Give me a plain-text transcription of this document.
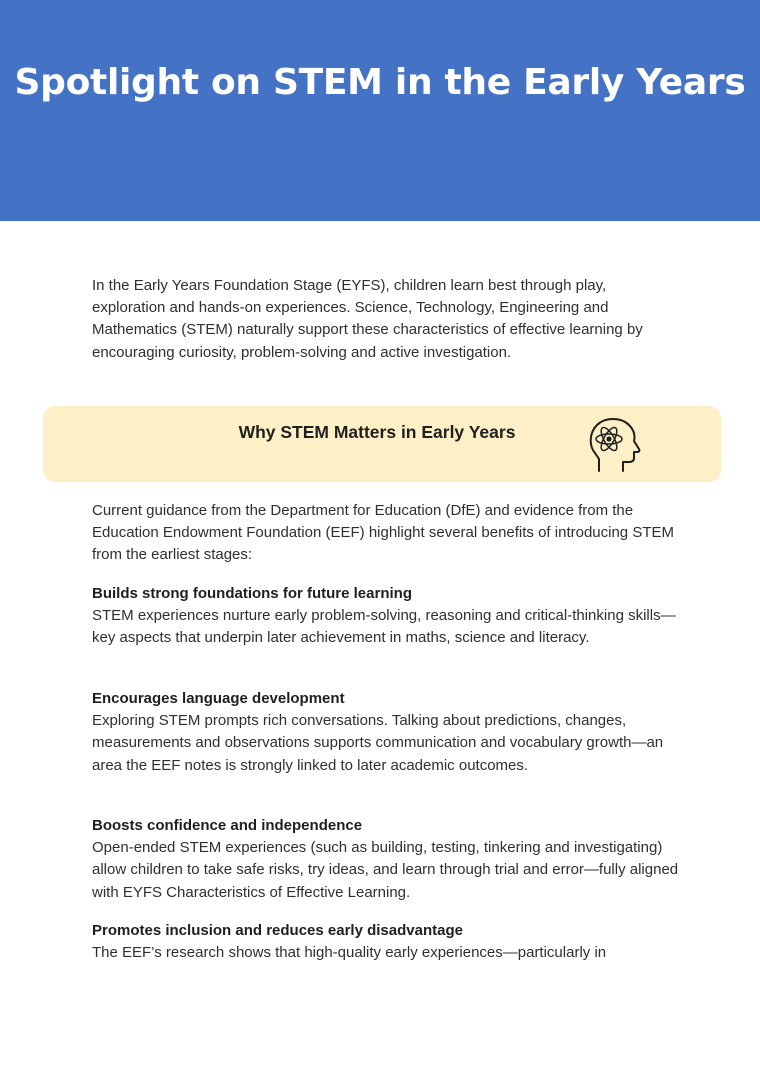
Spotlight on STEM in the Early Years

In the Early Years Foundation Stage (EYFS), children learn best through play, exploration and hands-on experiences. Science, Technology, Engineering and Mathematics (STEM) naturally support these characteristics of effective learning by encouraging curiosity, problem-solving and active investigation.

Why STEM Matters in Early Years

Current guidance from the Department for Education (DfE) and evidence from the Education Endowment Foundation (EEF) highlight several benefits of introducing STEM from the earliest stages:

Builds strong foundations for future learning
STEM experiences nurture early problem-solving, reasoning and critical-thinking skills—key aspects that underpin later achievement in maths, science and literacy.
Encourages language development
Exploring STEM prompts rich conversations. Talking about predictions, changes, measurements and observations supports communication and vocabulary growth—an area the EEF notes is strongly linked to later academic outcomes.
Boosts confidence and independence
Open-ended STEM experiences (such as building, testing, tinkering and investigating) allow children to take safe risks, try ideas, and learn through trial and error—fully aligned with EYFS Characteristics of Effective Learning.
Promotes inclusion and reduces early disadvantage
The EEF’s research shows that high-quality early experiences—particularly in
